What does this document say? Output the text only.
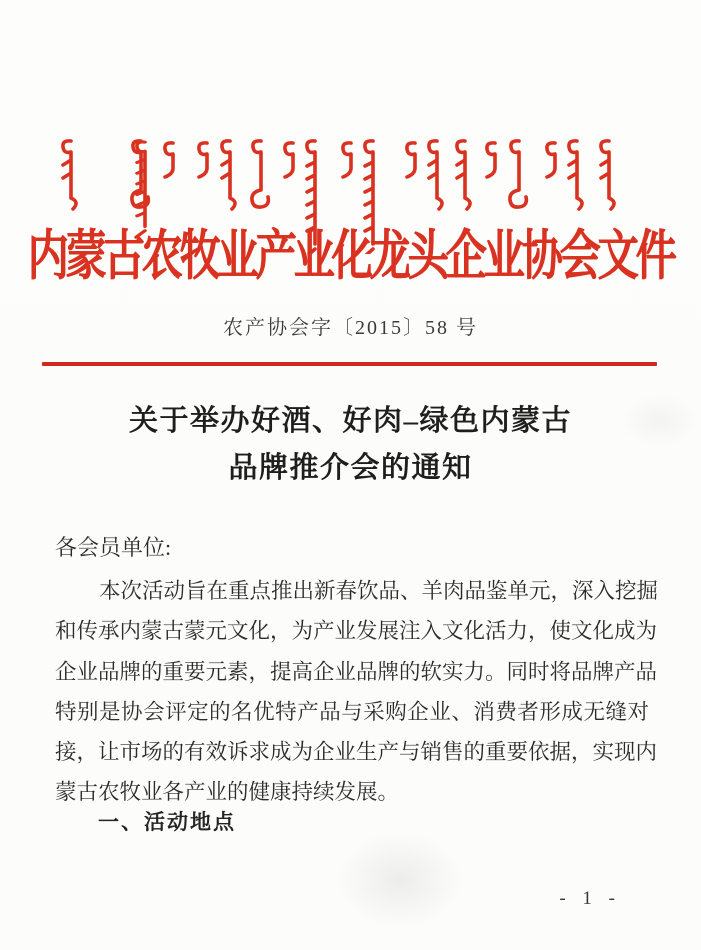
内蒙古农牧业产业化龙头企业协会文件
农产协会字〔2015〕58 号
关于举办好酒、好肉–绿色内蒙古
品牌推介会的通知
各会员单位:
本次活动旨在重点推出新春饮品、羊肉品鉴单元，深入挖掘
和传承内蒙古蒙元文化，为产业发展注入文化活力，使文化成为
企业品牌的重要元素，提高企业品牌的软实力。同时将品牌产品
特别是协会评定的名优特产品与采购企业、消费者形成无缝对
接，让市场的有效诉求成为企业生产与销售的重要依据，实现内
蒙古农牧业各产业的健康持续发展。
一、活动地点
- 1 -
